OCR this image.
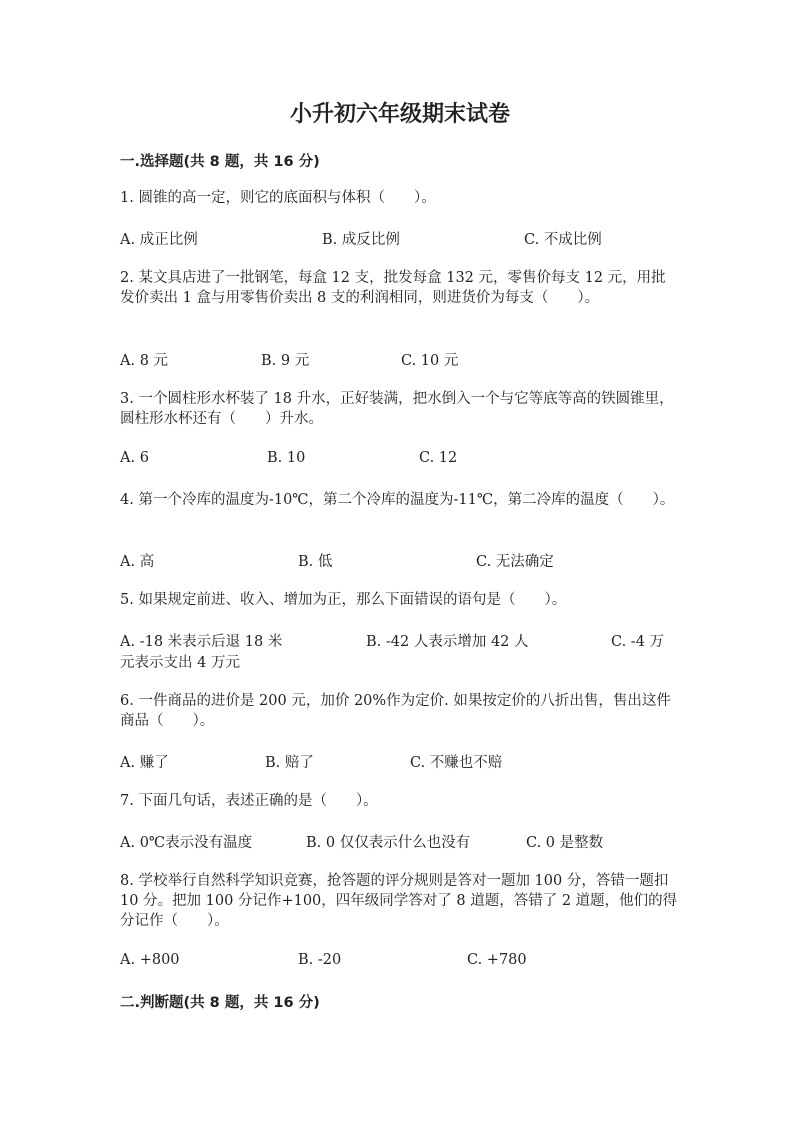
小升初六年级期末试卷
一.选择题(共 8 题，共 16 分)
1. 圆锥的高一定，则它的底面积与体积（　　）。
A. 成正比例	B. 成反比例	C. 不成比例
2. 某文具店进了一批钢笔，每盒 12 支，批发每盒 132 元，零售价每支 12 元，用批发价卖出 1 盒与用零售价卖出 8 支的利润相同，则进货价为每支（　　）。
A. 8 元	B. 9 元	C. 10 元
3. 一个圆柱形水杯装了 18 升水，正好装满，把水倒入一个与它等底等高的铁圆锥里，圆柱形水杯还有（　　）升水。
A. 6	B. 10	C. 12
4. 第一个冷库的温度为-10℃，第二个冷库的温度为-11℃，第二冷库的温度（　　）。
A. 高	B. 低	C. 无法确定
5. 如果规定前进、收入、增加为正，那么下面错误的语句是（　　）。
A. -18 米表示后退 18 米	B. -42 人表示增加 42 人	C. -4 万
元表示支出 4 万元
6. 一件商品的进价是 200 元，加价 20%作为定价. 如果按定价的八折出售，售出这件商品（　　）。
A. 赚了	B. 赔了	C. 不赚也不赔
7. 下面几句话，表述正确的是（　　）。
A. 0℃表示没有温度	B. 0 仅仅表示什么也没有	C. 0 是整数
8. 学校举行自然科学知识竞赛，抢答题的评分规则是答对一题加 100 分，答错一题扣 10 分。把加 100 分记作+100，四年级同学答对了 8 道题，答错了 2 道题，他们的得分记作（　　）。
A. +800	B. -20	C. +780
二.判断题(共 8 题，共 16 分)
